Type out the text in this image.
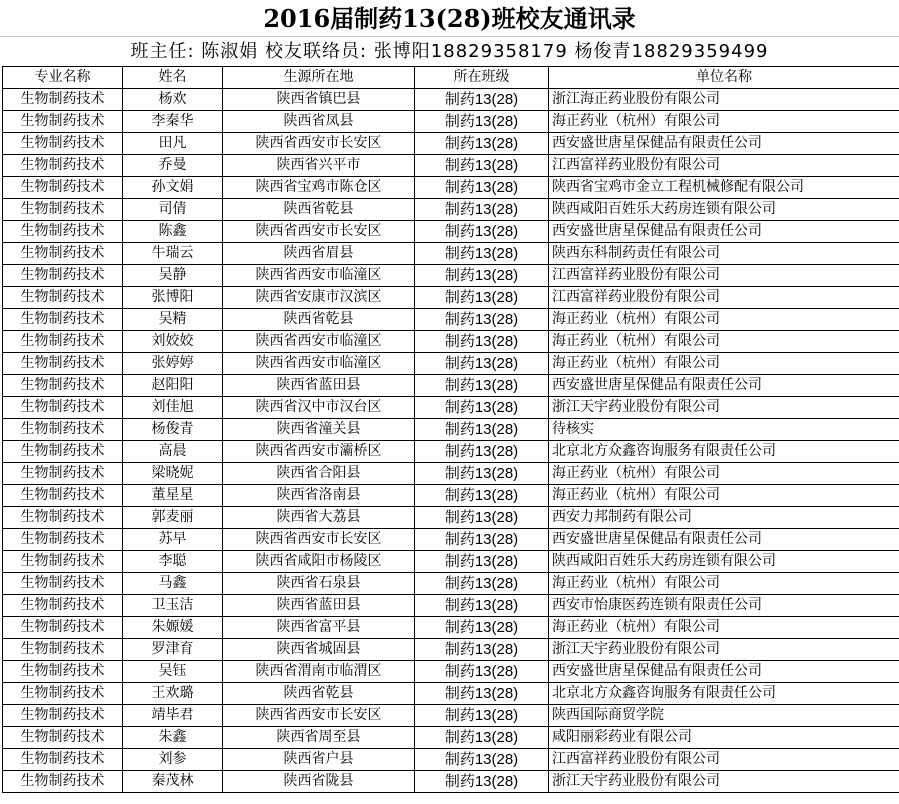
2016届制药13(28)班校友通讯录
班主任: 陈淑娟 校友联络员: 张博阳18829358179 杨俊青18829359499
专业名称	姓名	生源所在地	所在班级	单位名称
生物制药技术	杨欢	陕西省镇巴县	制药13(28)	浙江海正药业股份有限公司
生物制药技术	李秦华	陕西省凤县	制药13(28)	海正药业（杭州）有限公司
生物制药技术	田凡	陕西省西安市长安区	制药13(28)	西安盛世唐星保健品有限责任公司
生物制药技术	乔曼	陕西省兴平市	制药13(28)	江西富祥药业股份有限公司
生物制药技术	孙文娟	陕西省宝鸡市陈仓区	制药13(28)	陕西省宝鸡市金立工程机械修配有限公司
生物制药技术	司倩	陕西省乾县	制药13(28)	陕西咸阳百姓乐大药房连锁有限公司
生物制药技术	陈鑫	陕西省西安市长安区	制药13(28)	西安盛世唐星保健品有限责任公司
生物制药技术	牛瑞云	陕西省眉县	制药13(28)	陕西东科制药责任有限公司
生物制药技术	吴静	陕西省西安市临潼区	制药13(28)	江西富祥药业股份有限公司
生物制药技术	张博阳	陕西省安康市汉滨区	制药13(28)	江西富祥药业股份有限公司
生物制药技术	吴精	陕西省乾县	制药13(28)	海正药业（杭州）有限公司
生物制药技术	刘姣姣	陕西省西安市临潼区	制药13(28)	海正药业（杭州）有限公司
生物制药技术	张婷婷	陕西省西安市临潼区	制药13(28)	海正药业（杭州）有限公司
生物制药技术	赵阳阳	陕西省蓝田县	制药13(28)	西安盛世唐星保健品有限责任公司
生物制药技术	刘佳旭	陕西省汉中市汉台区	制药13(28)	浙江天宇药业股份有限公司
生物制药技术	杨俊青	陕西省潼关县	制药13(28)	待核实
生物制药技术	高晨	陕西省西安市灞桥区	制药13(28)	北京北方众鑫咨询服务有限责任公司
生物制药技术	梁晓妮	陕西省合阳县	制药13(28)	海正药业（杭州）有限公司
生物制药技术	董星星	陕西省洛南县	制药13(28)	海正药业（杭州）有限公司
生物制药技术	郭麦丽	陕西省大荔县	制药13(28)	西安力邦制药有限公司
生物制药技术	苏早	陕西省西安市长安区	制药13(28)	西安盛世唐星保健品有限责任公司
生物制药技术	李聪	陕西省咸阳市杨陵区	制药13(28)	陕西咸阳百姓乐大药房连锁有限公司
生物制药技术	马鑫	陕西省石泉县	制药13(28)	海正药业（杭州）有限公司
生物制药技术	卫玉洁	陕西省蓝田县	制药13(28)	西安市怡康医药连锁有限责任公司
生物制药技术	朱嫄媛	陕西省富平县	制药13(28)	海正药业（杭州）有限公司
生物制药技术	罗津育	陕西省城固县	制药13(28)	浙江天宇药业股份有限公司
生物制药技术	吴钰	陕西省渭南市临渭区	制药13(28)	西安盛世唐星保健品有限责任公司
生物制药技术	王欢璐	陕西省乾县	制药13(28)	北京北方众鑫咨询服务有限责任公司
生物制药技术	靖毕君	陕西省西安市长安区	制药13(28)	陕西国际商贸学院
生物制药技术	朱鑫	陕西省周至县	制药13(28)	咸阳丽彩药业有限公司
生物制药技术	刘参	陕西省户县	制药13(28)	江西富祥药业股份有限公司
生物制药技术	秦茂林	陕西省陇县	制药13(28)	浙江天宇药业股份有限公司
